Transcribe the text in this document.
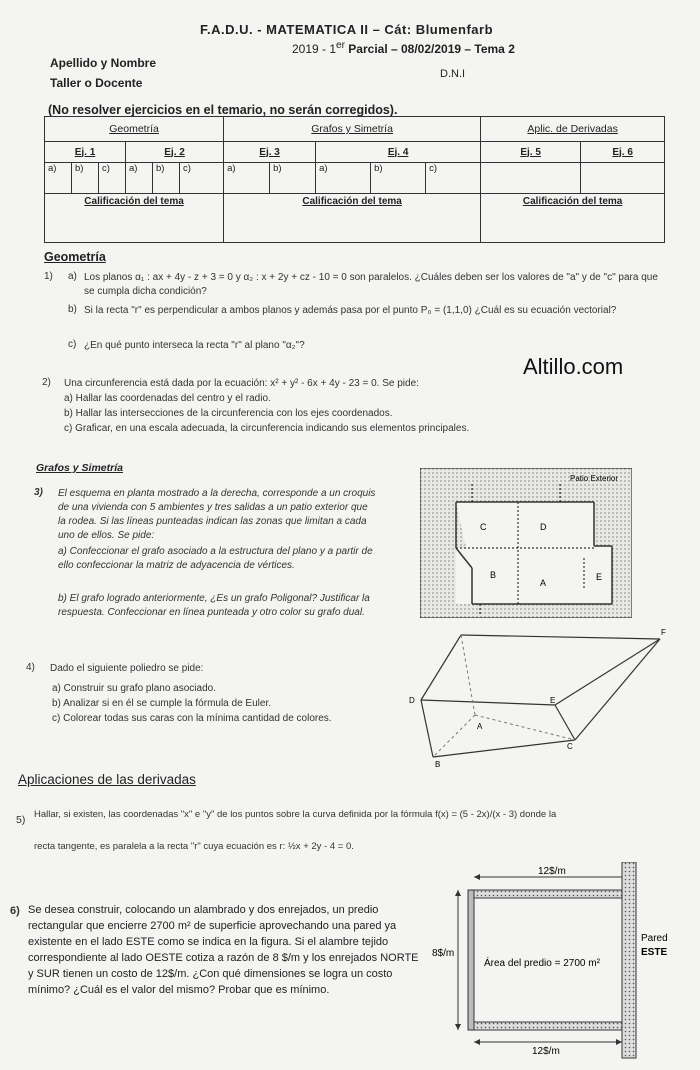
F.A.D.U. - MATEMATICA II – Cát: Blumenfarb
2019 - 1er Parcial – 08/02/2019 – Tema 2
Apellido y Nombre
Taller o Docente
D.N.I
(No resolver ejercicios en el temario, no serán corregidos).
Geometría						Grafos y Simetría					Aplic. de Derivadas	
Ej. 1			Ej. 2			Ej. 3		Ej. 4			Ej. 5	Ej. 6
a)	b)	c)	a)	b)	c)	a)	b)	a)	b)	c)		
Calificación del tema						Calificación del tema					Calificación del tema	
Geometría
1) a) Los planos α₁ : ax + 4y - z + 3 = 0 y α₂ : x + 2y + cz - 10 = 0 son paralelos. ¿Cuáles deben ser los valores de "a" y de "c" para que se cumpla dicha condición?
b) Si la recta "r" es perpendicular a ambos planos y además pasa por el punto P₀ = (1,1,0) ¿Cuál es su ecuación vectorial?
c) ¿En qué punto interseca la recta "r" al plano "α₂"?
Altillo.com
2) Una circunferencia está dada por la ecuación: x² + y² - 6x + 4y - 23 = 0. Se pide:
a) Hallar las coordenadas del centro y el radio.
b) Hallar las intersecciones de la circunferencia con los ejes coordenados.
c) Graficar, en una escala adecuada, la circunferencia indicando sus elementos principales.
Grafos y Simetría
3) El esquema en planta mostrado a la derecha, corresponde a un croquis de una vivienda con 5 ambientes y tres salidas a un patio exterior que la rodea. Si las líneas punteadas indican las zonas que limitan a cada uno de ellos. Se pide:
a) Confeccionar el grafo asociado a la estructura del plano y a partir de ello confeccionar la matriz de adyacencia de vértices.
b) El grafo logrado anteriormente, ¿Es un grafo Poligonal? Justificar la respuesta. Confeccionar en línea punteada y otro color su grafo dual.
Patio Exterior
C	D
B
A
E
4) Dado el siguiente poliedro se pide:
a) Construir su grafo plano asociado.
b) Analizar si en él se cumple la fórmula de Euler.
c) Colorear todas sus caras con la mínima cantidad de colores.
F
D	E
A
C
B
Aplicaciones de las derivadas
5) Hallar, si existen, las coordenadas "x" e "y" de los puntos sobre la curva definida por la fórmula f(x) = (5 - 2x)/(x - 3) donde la
recta tangente, es paralela a la recta "r" cuya ecuación es r: ½x + 2y - 4 = 0.
6) Se desea construir, colocando un alambrado y dos enrejados, un predio rectangular que encierre 2700 m² de superficie aprovechando una pared ya existente en el lado ESTE como se indica en la figura. Si el alambre tejido correspondiente al lado OESTE cotiza a razón de 8 $/m y los enrejados NORTE y SUR tienen un costo de 12$/m. ¿Con qué dimensiones se logra un costo mínimo? ¿Cuál es el valor del mismo? Probar que es mínimo.
12$/m
8$/m
Área del predio = 2700 m²
Pared
ESTE
12$/m
